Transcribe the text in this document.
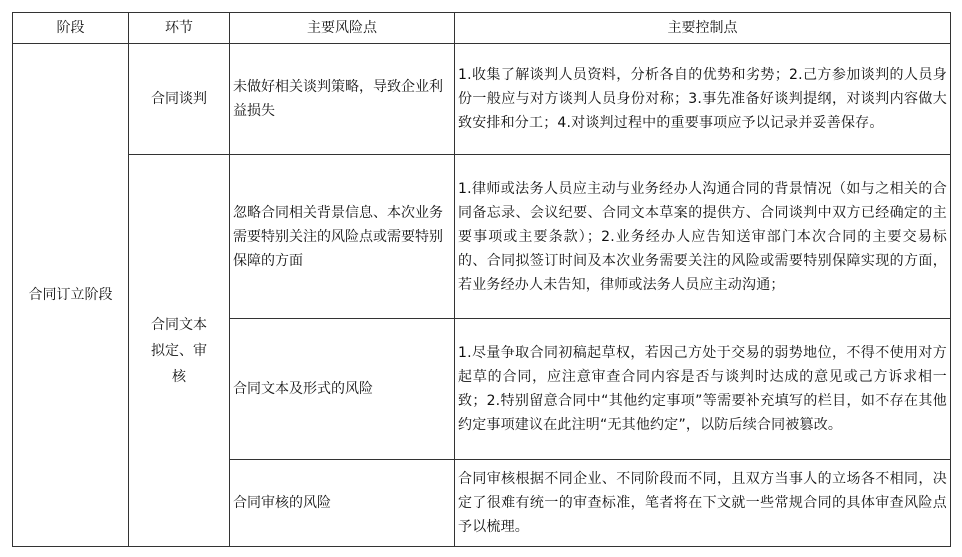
阶段	环节	主要风险点	主要控制点
合同订立阶段	合同谈判	未做好相关谈判策略，导致企业利益损失	1.收集了解谈判人员资料，分析各自的优势和劣势；2.己方参加谈判的人员身份一般应与对方谈判人员身份对称；3.事先准备好谈判提纲，对谈判内容做大致安排和分工；4.对谈判过程中的重要事项应予以记录并妥善保存。

	合同文本拟定、审核	忽略合同相关背景信息、本次业务需要特别关注的风险点或需要特别保障的方面	1.律师或法务人员应主动与业务经办人沟通合同的背景情况（如与之相关的合同备忘录、会议纪要、合同文本草案的提供方、合同谈判中双方已经确定的主要事项或主要条款）；2.业务经办人应告知送审部门本次合同的主要交易标的、合同拟签订时间及本次业务需要关注的风险或需要特别保障实现的方面，若业务经办人未告知，律师或法务人员应主动沟通；
		合同文本及形式的风险	1.尽量争取合同初稿起草权，若因己方处于交易的弱势地位，不得不使用对方起草的合同，应注意审查合同内容是否与谈判时达成的意见或己方诉求相一致；2.特别留意合同中“其他约定事项”等需要补充填写的栏目，如不存在其他约定事项建议在此注明“无其他约定”，以防后续合同被篡改。
		合同审核的风险	合同审核根据不同企业、不同阶段而不同，且双方当事人的立场各不相同，决定了很难有统一的审查标准，笔者将在下文就一些常规合同的具体审查风险点予以梳理。
